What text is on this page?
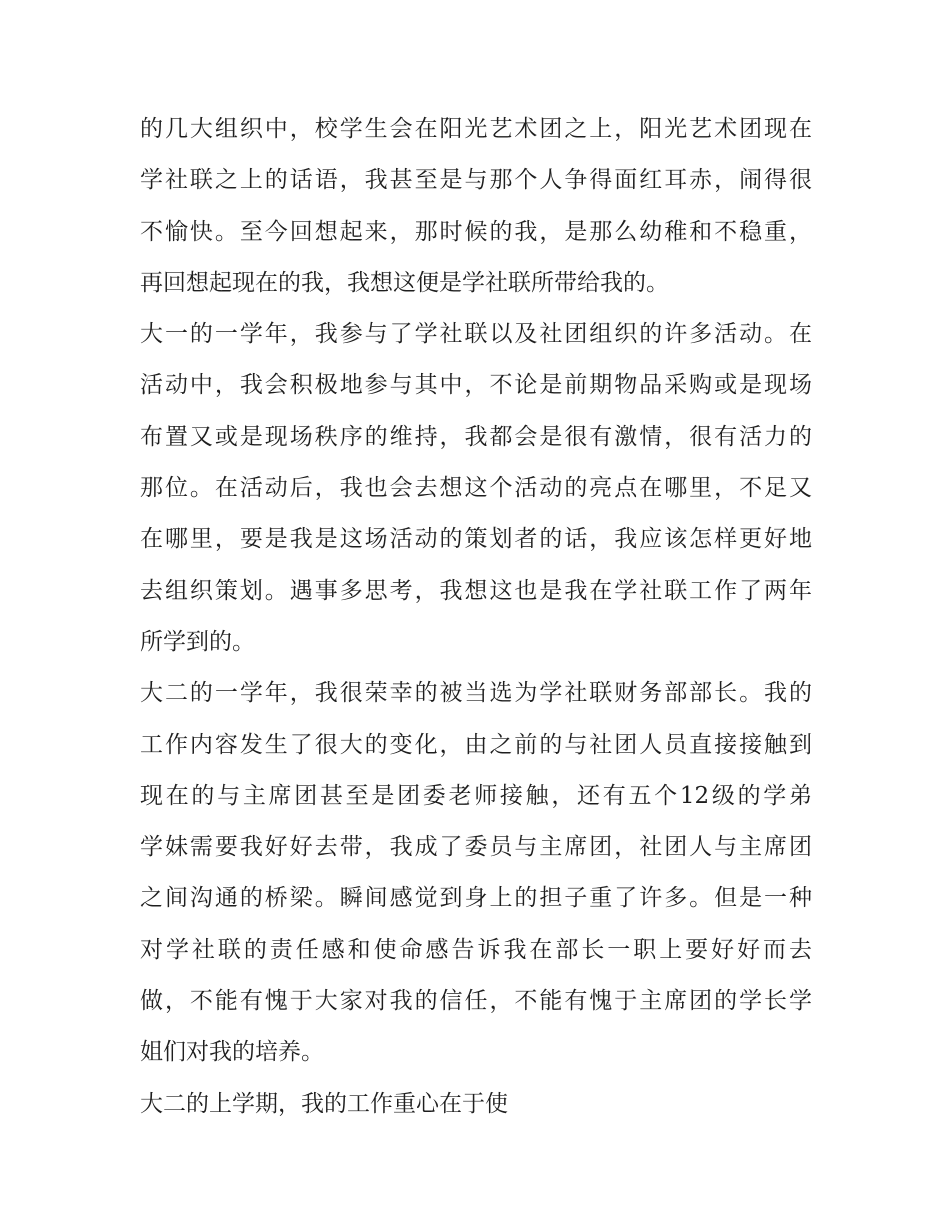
的几大组织中，校学生会在阳光艺术团之上，阳光艺术团现在
学社联之上的话语，我甚至是与那个人争得面红耳赤，闹得很
不愉快。至今回想起来，那时候的我，是那么幼稚和不稳重，
再回想起现在的我，我想这便是学社联所带给我的。
大一的一学年，我参与了学社联以及社团组织的许多活动。在
活动中，我会积极地参与其中，不论是前期物品采购或是现场
布置又或是现场秩序的维持，我都会是很有激情，很有活力的
那位。在活动后，我也会去想这个活动的亮点在哪里，不足又
在哪里，要是我是这场活动的策划者的话，我应该怎样更好地
去组织策划。遇事多思考，我想这也是我在学社联工作了两年
所学到的。
大二的一学年，我很荣幸的被当选为学社联财务部部长。我的
工作内容发生了很大的变化，由之前的与社团人员直接接触到
现在的与主席团甚至是团委老师接触，还有五个12级的学弟
学妹需要我好好去带，我成了委员与主席团，社团人与主席团
之间沟通的桥梁。瞬间感觉到身上的担子重了许多。但是一种
对学社联的责任感和使命感告诉我在部长一职上要好好而去
做，不能有愧于大家对我的信任，不能有愧于主席团的学长学
姐们对我的培养。
大二的上学期，我的工作重心在于使
